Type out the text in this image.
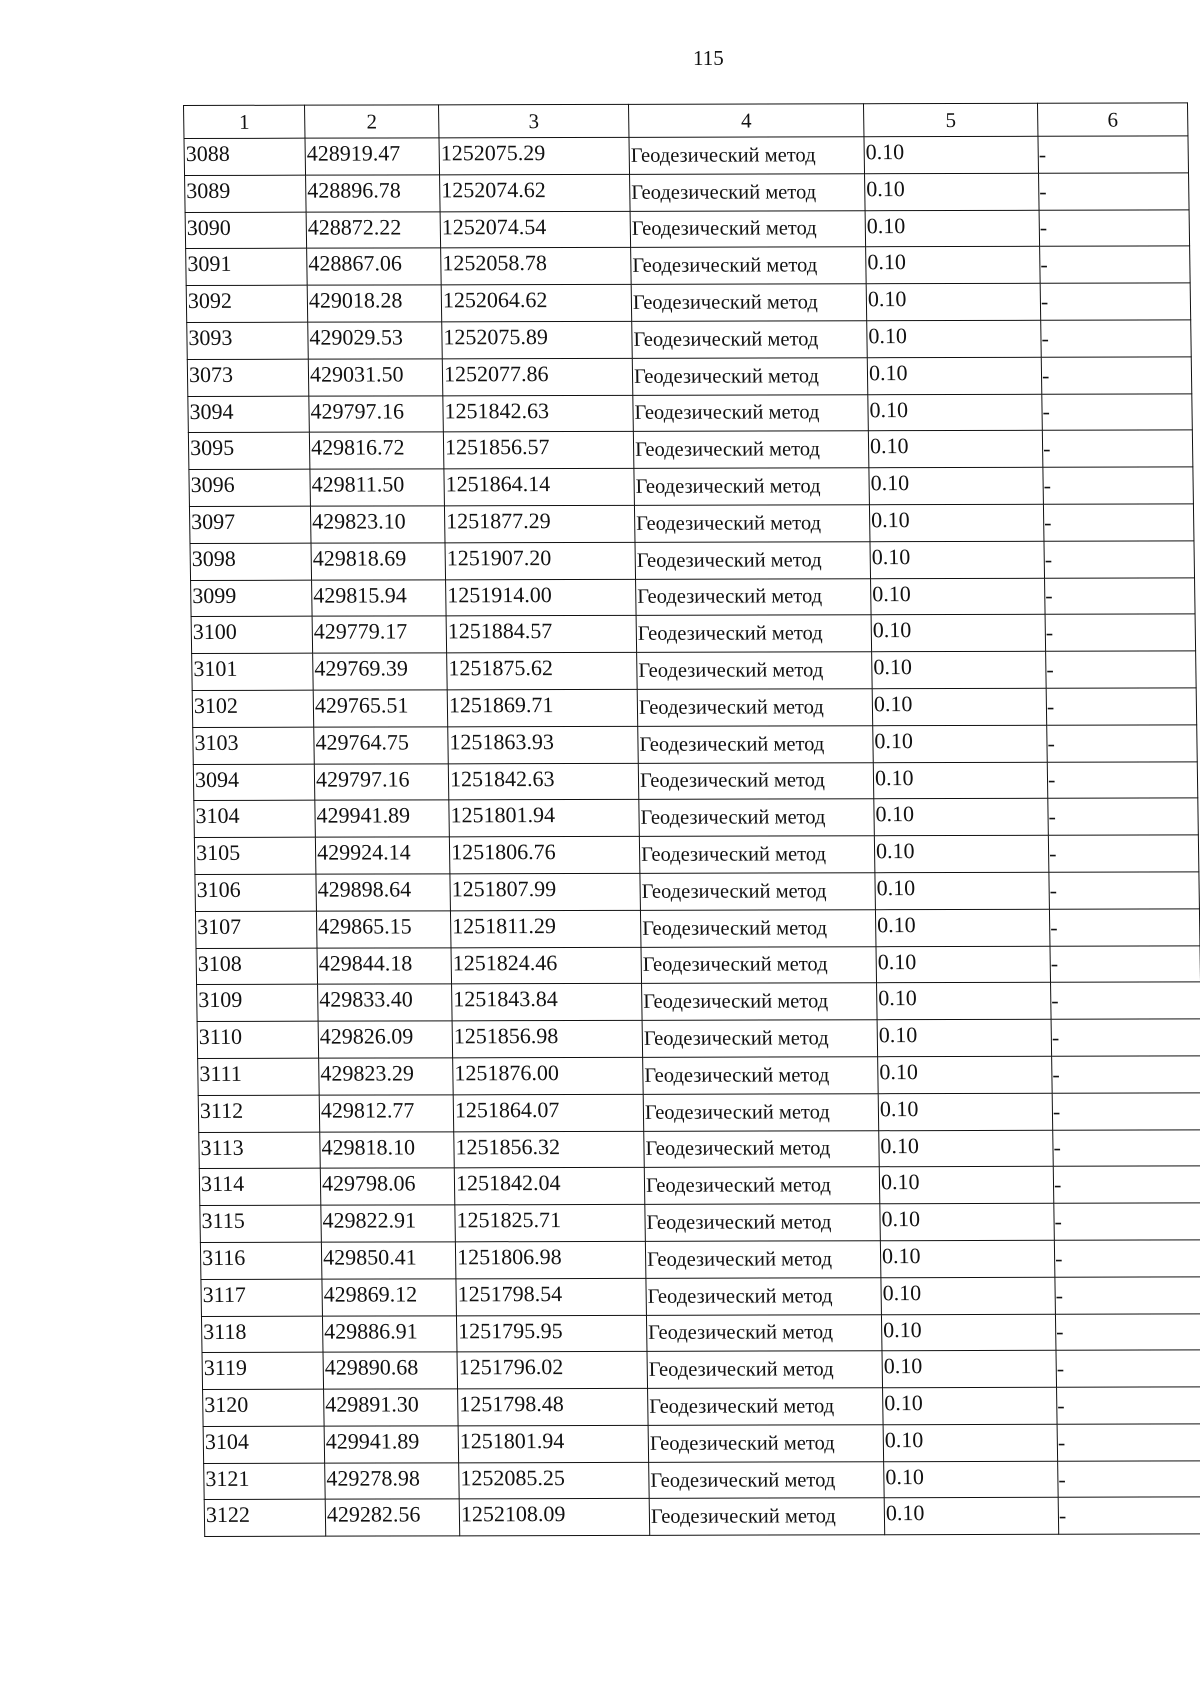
115
1	2	3	4	5	6
3088	428919.47	1252075.29	Геодезический метод	0.10	-
3089	428896.78	1252074.62	Геодезический метод	0.10	-
3090	428872.22	1252074.54	Геодезический метод	0.10	-
3091	428867.06	1252058.78	Геодезический метод	0.10	-
3092	429018.28	1252064.62	Геодезический метод	0.10	-
3093	429029.53	1252075.89	Геодезический метод	0.10	-
3073	429031.50	1252077.86	Геодезический метод	0.10	-
3094	429797.16	1251842.63	Геодезический метод	0.10	-
3095	429816.72	1251856.57	Геодезический метод	0.10	-
3096	429811.50	1251864.14	Геодезический метод	0.10	-
3097	429823.10	1251877.29	Геодезический метод	0.10	-
3098	429818.69	1251907.20	Геодезический метод	0.10	-
3099	429815.94	1251914.00	Геодезический метод	0.10	-
3100	429779.17	1251884.57	Геодезический метод	0.10	-
3101	429769.39	1251875.62	Геодезический метод	0.10	-
3102	429765.51	1251869.71	Геодезический метод	0.10	-
3103	429764.75	1251863.93	Геодезический метод	0.10	-
3094	429797.16	1251842.63	Геодезический метод	0.10	-
3104	429941.89	1251801.94	Геодезический метод	0.10	-
3105	429924.14	1251806.76	Геодезический метод	0.10	-
3106	429898.64	1251807.99	Геодезический метод	0.10	-
3107	429865.15	1251811.29	Геодезический метод	0.10	-
3108	429844.18	1251824.46	Геодезический метод	0.10	-
3109	429833.40	1251843.84	Геодезический метод	0.10	-
3110	429826.09	1251856.98	Геодезический метод	0.10	-
3111	429823.29	1251876.00	Геодезический метод	0.10	-
3112	429812.77	1251864.07	Геодезический метод	0.10	-
3113	429818.10	1251856.32	Геодезический метод	0.10	-
3114	429798.06	1251842.04	Геодезический метод	0.10	-
3115	429822.91	1251825.71	Геодезический метод	0.10	-
3116	429850.41	1251806.98	Геодезический метод	0.10	-
3117	429869.12	1251798.54	Геодезический метод	0.10	-
3118	429886.91	1251795.95	Геодезический метод	0.10	-
3119	429890.68	1251796.02	Геодезический метод	0.10	-
3120	429891.30	1251798.48	Геодезический метод	0.10	-
3104	429941.89	1251801.94	Геодезический метод	0.10	-
3121	429278.98	1252085.25	Геодезический метод	0.10	-
3122	429282.56	1252108.09	Геодезический метод	0.10	-
